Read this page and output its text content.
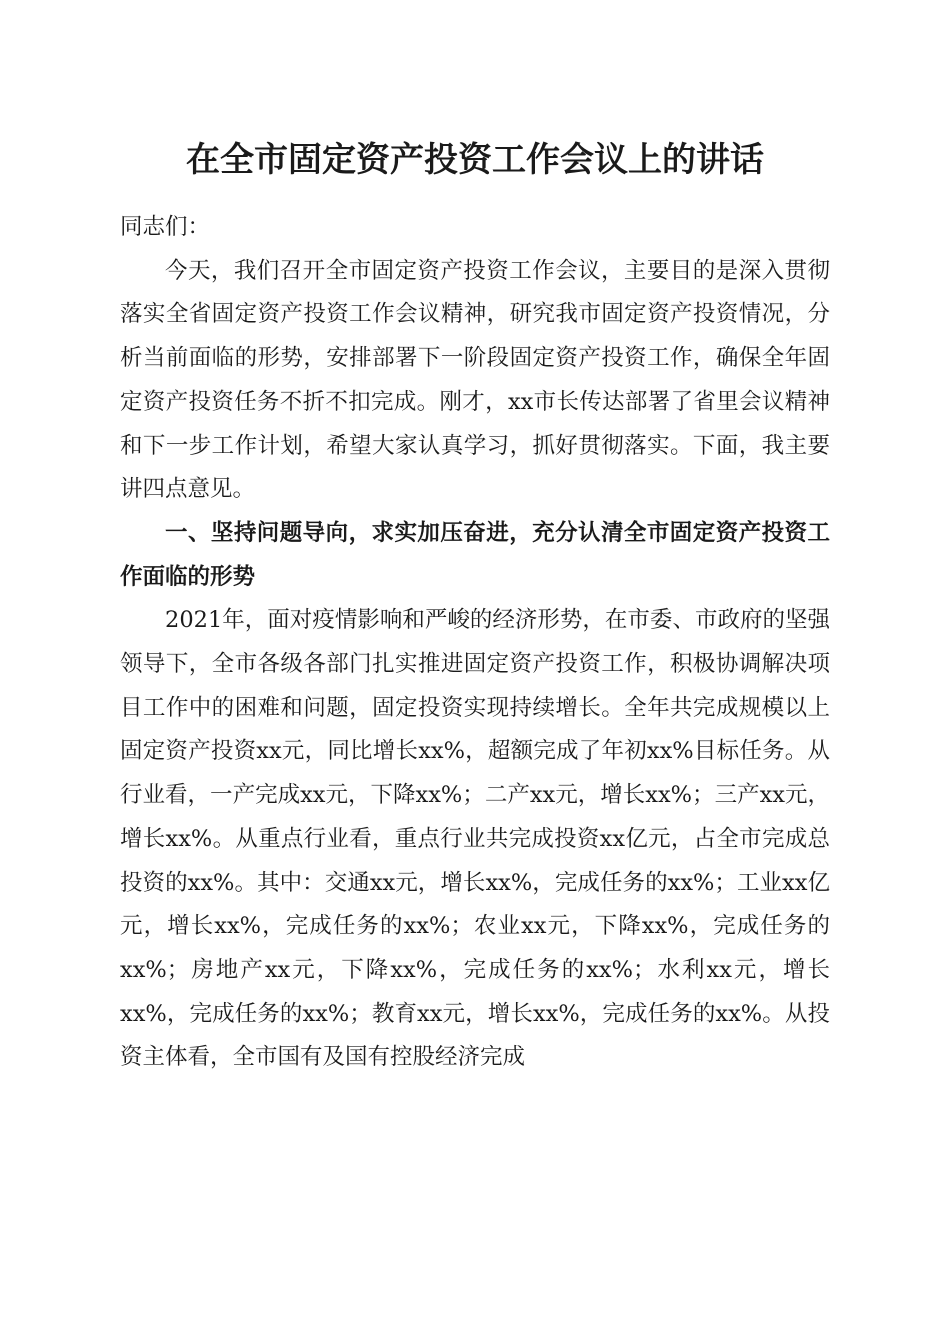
在全市固定资产投资工作会议上的讲话

同志们：

今天，我们召开全市固定资产投资工作会议，主要目的是深入贯彻落实全省固定资产投资工作会议精神，研究我市固定资产投资情况，分析当前面临的形势，安排部署下一阶段固定资产投资工作，确保全年固定资产投资任务不折不扣完成。刚才，xx市长传达部署了省里会议精神和下一步工作计划，希望大家认真学习，抓好贯彻落实。下面，我主要讲四点意见。

一、坚持问题导向，求实加压奋进，充分认清全市固定资产投资工作面临的形势

2021年，面对疫情影响和严峻的经济形势，在市委、市政府的坚强领导下，全市各级各部门扎实推进固定资产投资工作，积极协调解决项目工作中的困难和问题，固定投资实现持续增长。全年共完成规模以上固定资产投资xx元，同比增长xx%，超额完成了年初xx%目标任务。从行业看，一产完成xx元，下降xx%；二产xx元，增长xx%；三产xx元，增长xx%。从重点行业看，重点行业共完成投资xx亿元，占全市完成总投资的xx%。其中：交通xx元，增长xx%，完成任务的xx%；工业xx亿元，增长xx%，完成任务的xx%；农业xx元，下降xx%，完成任务的xx%；房地产xx元，下降xx%，完成任务的xx%；水利xx元，增长xx%，完成任务的xx%；教育xx元，增长xx%，完成任务的xx%。从投资主体看，全市国有及国有控股经济完成
